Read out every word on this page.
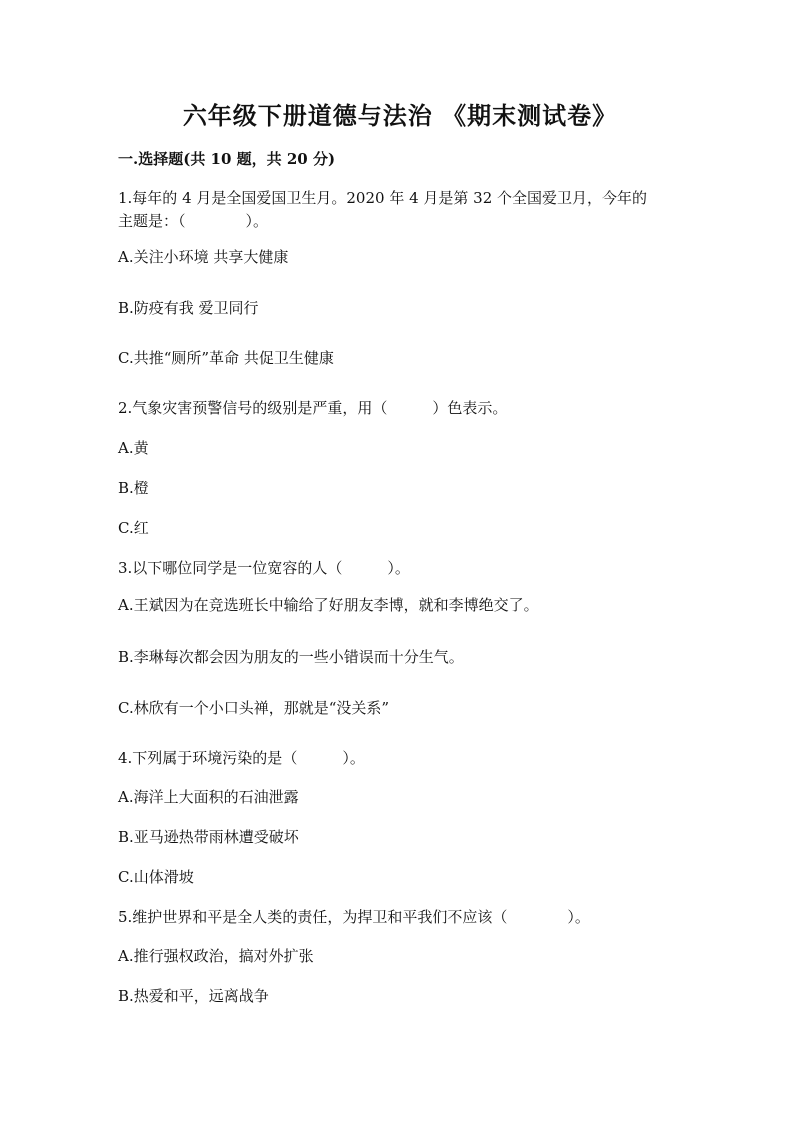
六年级下册道德与法治 《期末测试卷》
一.选择题(共 10 题，共 20 分)
1.每年的 4 月是全国爱国卫生月。2020 年 4 月是第 32 个全国爱卫月，今年的
主题是：（　　　　）。
A.关注小环境 共享大健康
B.防疫有我 爱卫同行
C.共推“厕所”革命 共促卫生健康
2.气象灾害预警信号的级别是严重，用（　　　）色表示。
A.黄
B.橙
C.红
3.以下哪位同学是一位宽容的人（　　　）。
A.王斌因为在竞选班长中输给了好朋友李博，就和李博绝交了。
B.李琳每次都会因为朋友的一些小错误而十分生气。
C.林欣有一个小口头禅，那就是“没关系”
4.下列属于环境污染的是（　　　）。
A.海洋上大面积的石油泄露
B.亚马逊热带雨林遭受破坏
C.山体滑坡
5.维护世界和平是全人类的责任，为捍卫和平我们不应该（　　　　）。
A.推行强权政治，搞对外扩张
B.热爱和平，远离战争
